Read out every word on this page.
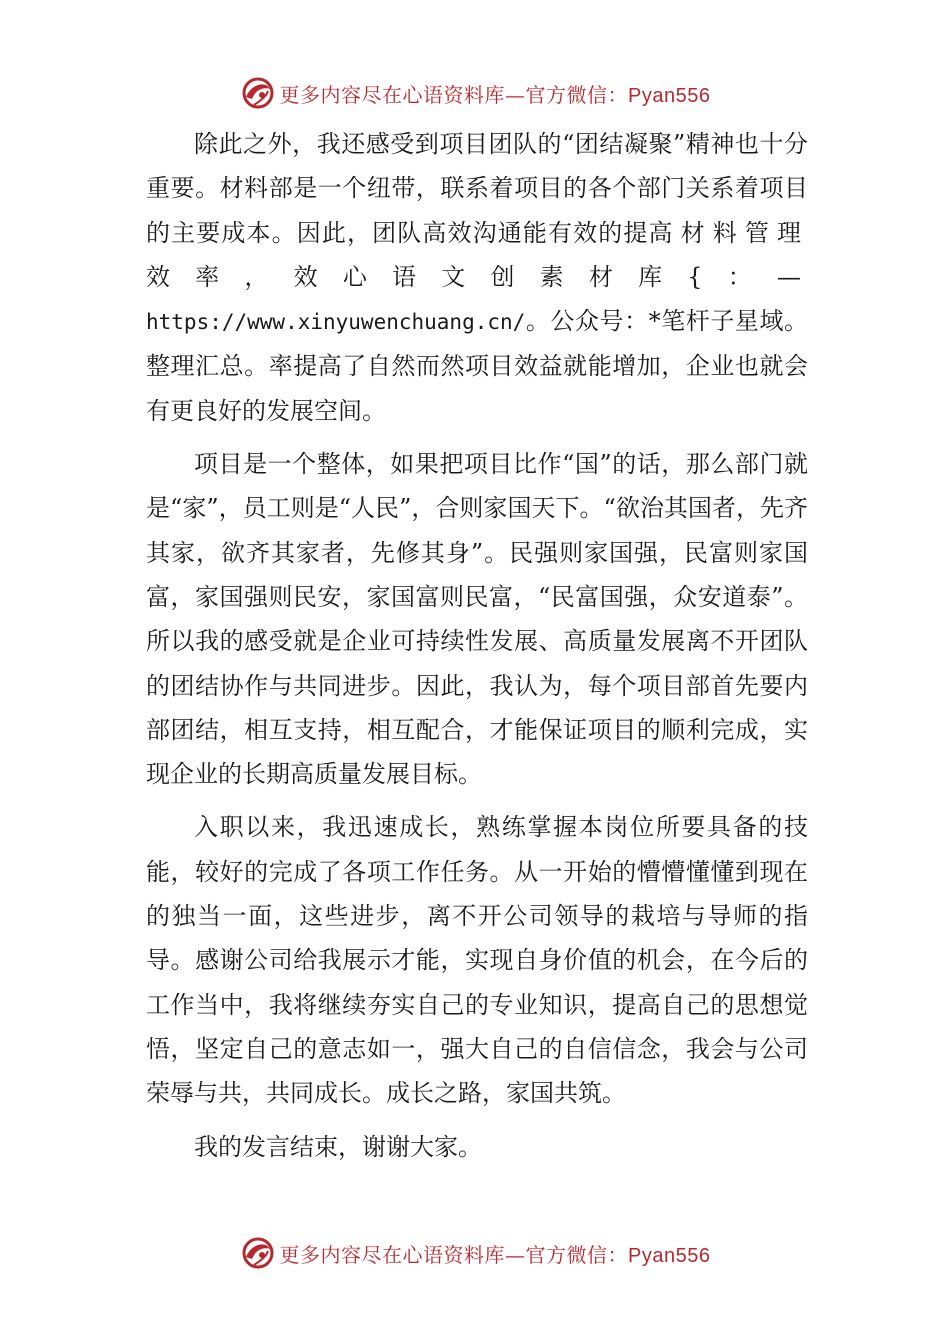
更多内容尽在心语资料库—官方微信：Pyan556

除此之外，我还感受到项目团队的“团结凝聚”精神也十分重要。材料部是一个纽带，联系着项目的各个部门关系着项目的主要成本。因此，团队高效沟通能有效的提高材料管理效率，效心语文创素材库{：—https://www.xinyuwenchuang.cn/。公众号：*笔杆子星域。整理汇总。率提高了自然而然项目效益就能增加，企业也就会有更良好的发展空间。

项目是一个整体，如果把项目比作“国”的话，那么部门就是“家”，员工则是“人民”，合则家国天下。“欲治其国者，先齐其家，欲齐其家者，先修其身”。民强则家国强，民富则家国富，家国强则民安，家国富则民富，“民富国强，众安道泰”。所以我的感受就是企业可持续性发展、高质量发展离不开团队的团结协作与共同进步。因此，我认为，每个项目部首先要内部团结，相互支持，相互配合，才能保证项目的顺利完成，实现企业的长期高质量发展目标。

入职以来，我迅速成长，熟练掌握本岗位所要具备的技能，较好的完成了各项工作任务。从一开始的懵懵懂懂到现在的独当一面，这些进步，离不开公司领导的栽培与导师的指导。感谢公司给我展示才能，实现自身价值的机会，在今后的工作当中，我将继续夯实自己的专业知识，提高自己的思想觉悟，坚定自己的意志如一，强大自己的自信信念，我会与公司荣辱与共，共同成长。成长之路，家国共筑。

我的发言结束，谢谢大家。

更多内容尽在心语资料库—官方微信：Pyan556
